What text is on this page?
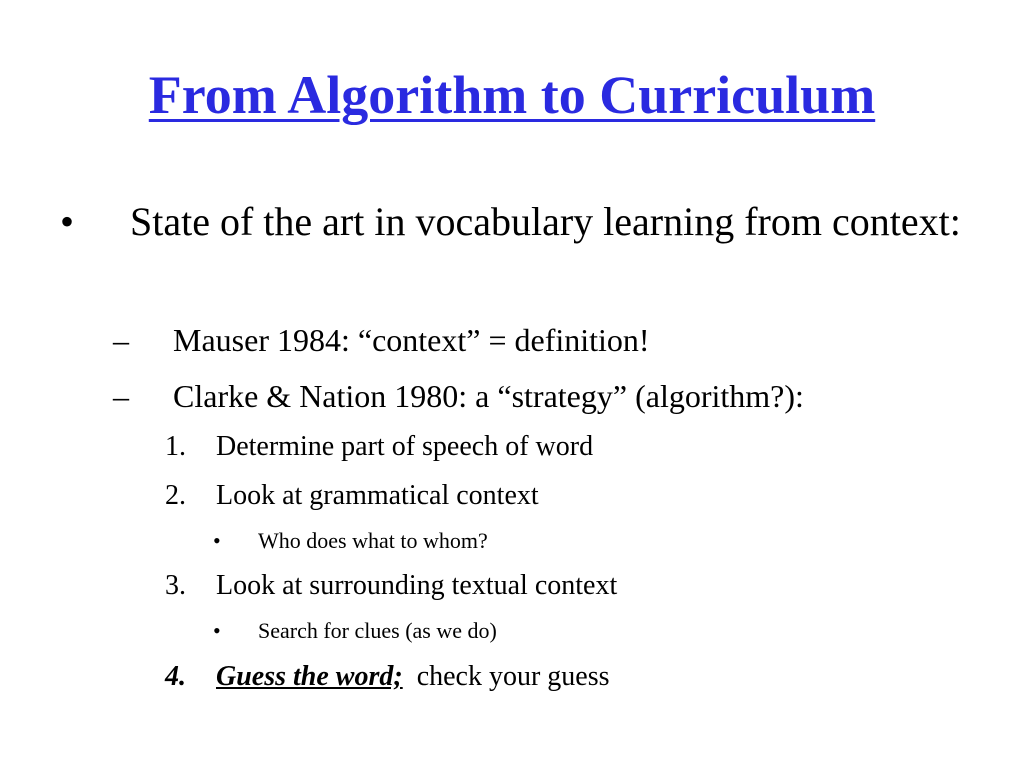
From Algorithm to Curriculum
• State of the art in vocabulary learning from context:
– Mauser 1984: “context” = definition!
– Clarke & Nation 1980: a “strategy” (algorithm?):
1. Determine part of speech of word
2. Look at grammatical context
• Who does what to whom?
3. Look at surrounding textual context
• Search for clues (as we do)
4. Guess the word; check your guess
